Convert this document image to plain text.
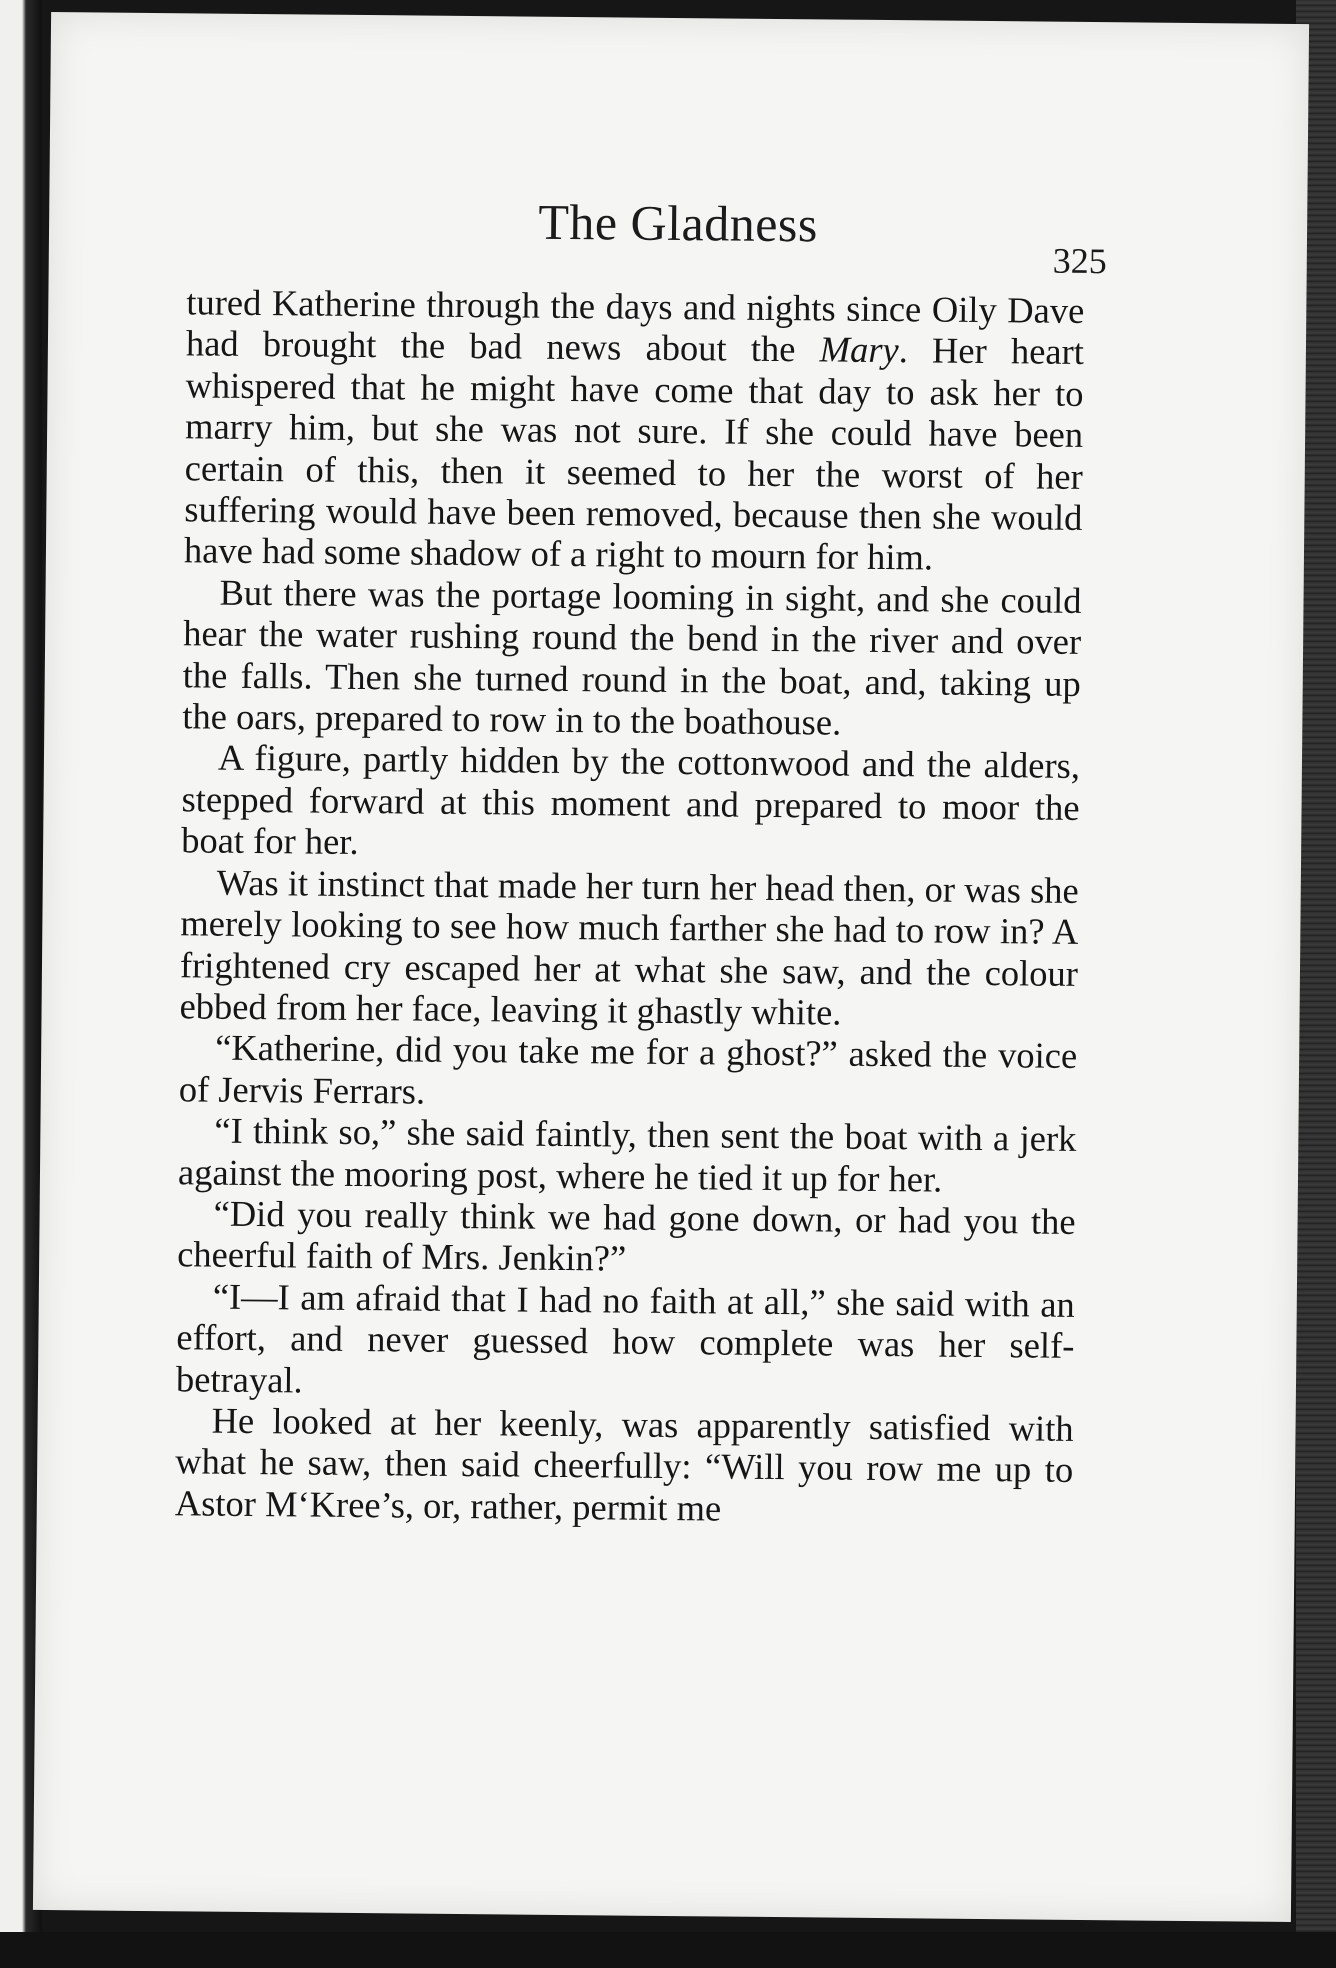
The Gladness
325

tured Katherine through the days and nights since Oily Dave had brought the bad news about the Mary. Her heart whispered that he might have come that day to ask her to marry him, but she was not sure. If she could have been certain of this, then it seemed to her the worst of her suffering would have been removed, because then she would have had some shadow of a right to mourn for him.

But there was the portage looming in sight, and she could hear the water rushing round the bend in the river and over the falls. Then she turned round in the boat, and, taking up the oars, prepared to row in to the boathouse.

A figure, partly hidden by the cottonwood and the alders, stepped forward at this moment and prepared to moor the boat for her.

Was it instinct that made her turn her head then, or was she merely looking to see how much farther she had to row in? A frightened cry escaped her at what she saw, and the colour ebbed from her face, leaving it ghastly white.

“Katherine, did you take me for a ghost?” asked the voice of Jervis Ferrars.

“I think so,” she said faintly, then sent the boat with a jerk against the mooring post, where he tied it up for her.

“Did you really think we had gone down, or had you the cheerful faith of Mrs. Jenkin?”

“I—I am afraid that I had no faith at all,” she said with an effort, and never guessed how complete was her self-betrayal.

He looked at her keenly, was apparently satisfied with what he saw, then said cheerfully: “Will you row me up to Astor M‘Kree’s, or, rather, permit me
